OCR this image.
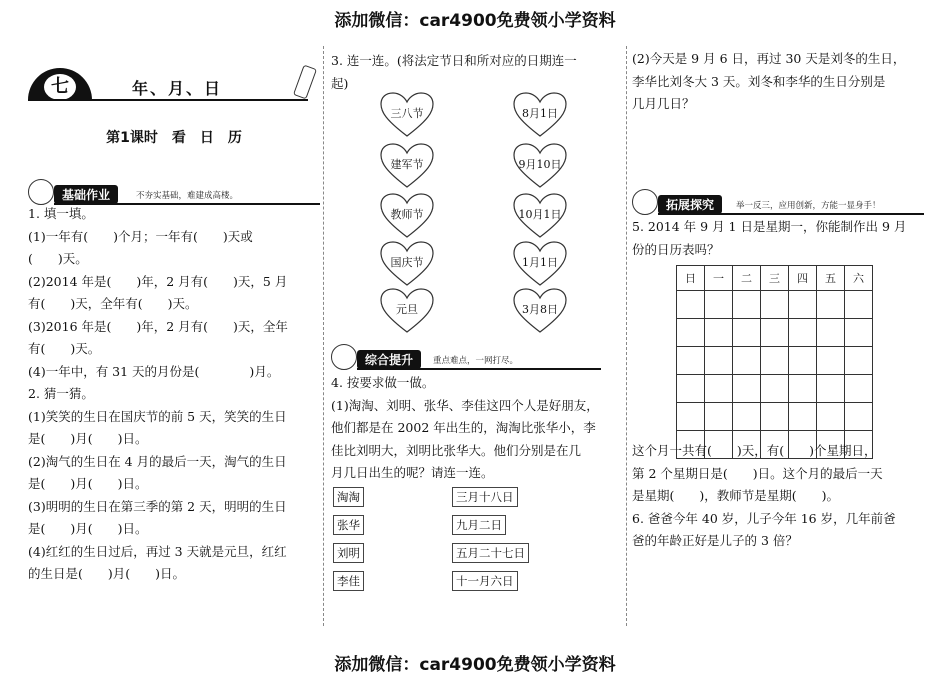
添加微信：car4900免费领小学资料
添加微信：car4900免费领小学资料
七	年、月、日
第1课时　看　日　历
基础作业	不夯实基础，难建成高楼。
1. 填一填。
(1)一年有(　　)个月；一年有(　　)天或
(　　)天。
(2)2014 年是(　　)年，2 月有(　　)天，5 月
有(　　)天，全年有(　　)天。
(3)2016 年是(　　)年，2 月有(　　)天，全年
有(　　)天。
(4)一年中，有 31 天的月份是(　　　　)月。
2. 猜一猜。
(1)笑笑的生日在国庆节的前 5 天，笑笑的生日
是(　　)月(　　)日。
(2)淘气的生日在 4 月的最后一天，淘气的生日
是(　　)月(　　)日。
(3)明明的生日在第三季的第 2 天，明明的生日
是(　　)月(　　)日。
(4)红红的生日过后，再过 3 天就是元旦，红红
的生日是(　　)月(　　)日。
3. 连一连。(将法定节日和所对应的日期连一
起)
三八节
建军节
教师节
国庆节
元旦
8月1日
9月10日
10月1日
1月1日
3月8日
综合提升	重点难点，一网打尽。
4. 按要求做一做。
(1)淘淘、刘明、张华、李佳这四个人是好朋友，
他们都是在 2002 年出生的，淘淘比张华小，李
佳比刘明大，刘明比张华大。他们分别是在几
月几日出生的呢？请连一连。
淘淘
张华
刘明
李佳
三月十八日
九月二日
五月二十七日
十一月六日
(2)今天是 9 月 6 日，再过 30 天是刘冬的生日，
李华比刘冬大 3 天。刘冬和李华的生日分别是
几月几日？
拓展探究	举一反三，应用创新，方能一显身手！
5. 2014 年 9 月 1 日是星期一，你能制作出 9 月
份的日历表吗？
日	一	二	三	四	五	六

这个月一共有(　　)天，有(　　)个星期日，
第 2 个星期日是(　　)日。这个月的最后一天
是星期(　　)，教师节是星期(　　)。
6. 爸爸今年 40 岁，儿子今年 16 岁，几年前爸
爸的年龄正好是儿子的 3 倍？
